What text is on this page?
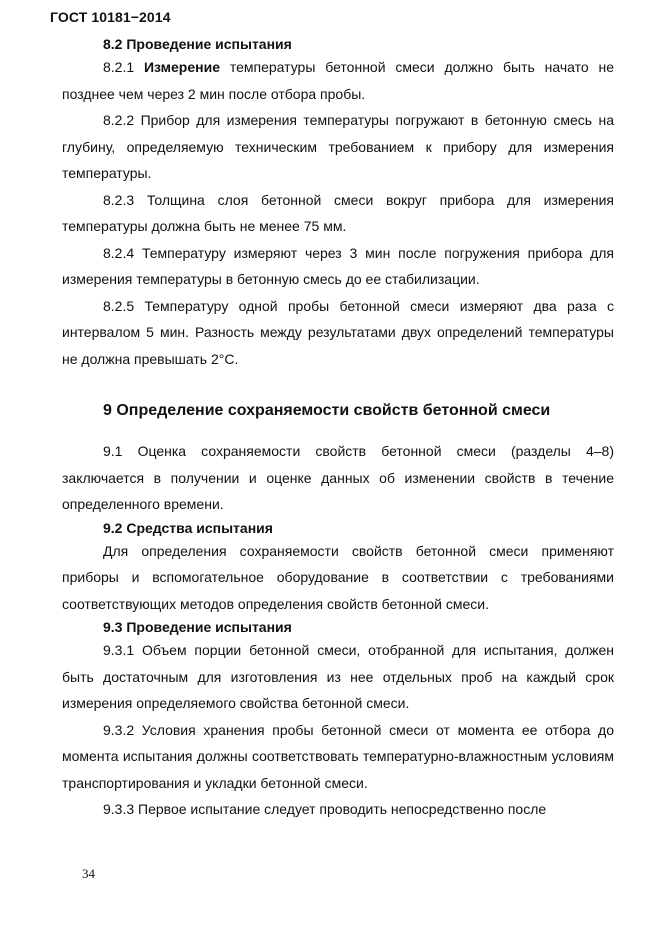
ГОСТ 10181−2014
8.2 Проведение испытания

8.2.1 Измерение температуры бетонной смеси должно быть начато не позднее чем через 2 мин после отбора пробы.

8.2.2 Прибор для измерения температуры погружают в бетонную смесь на глубину, определяемую техническим требованием к прибору для измерения температуры.

8.2.3 Толщина слоя бетонной смеси вокруг прибора для измерения температуры должна быть не менее 75 мм.

8.2.4 Температуру измеряют через 3 мин после погружения прибора для измерения температуры в бетонную смесь до ее стабилизации.

8.2.5 Температуру одной пробы бетонной смеси измеряют два раза с интервалом 5 мин. Разность между результатами двух определений температуры не должна превышать 2°С.

9 Определение сохраняемости свойств бетонной смеси

9.1 Оценка сохраняемости свойств бетонной смеси (разделы 4–8) заключается в получении и оценке данных об изменении свойств в течение определенного времени.

9.2 Средства испытания

Для определения сохраняемости свойств бетонной смеси применяют приборы и вспомогательное оборудование в соответствии с требованиями соответствующих методов определения свойств бетонной смеси.

9.3 Проведение испытания

9.3.1 Объем порции бетонной смеси, отобранной для испытания, должен быть достаточным для изготовления из нее отдельных проб на каждый срок измерения определяемого свойства бетонной смеси.

9.3.2 Условия хранения пробы бетонной смеси от момента ее отбора до момента испытания должны соответствовать температурно-влажностным условиям транспортирования и укладки бетонной смеси.

9.3.3 Первое испытание следует проводить непосредственно после

34
